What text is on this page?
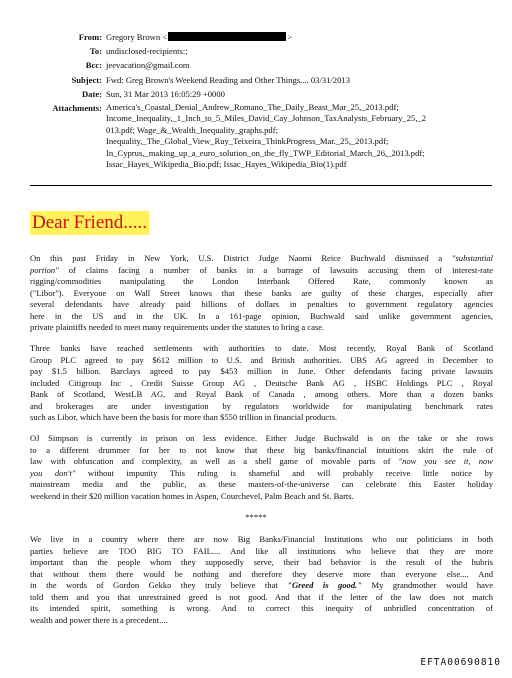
From: Gregory Brown <	>
To: undisclosed-recipients:;
Bcc: jeevacation@gmail.com
Subject: Fwd: Greg Brown's Weekend Reading and Other Things.... 03/31/2013
Date: Sun, 31 Mar 2013 16:05:29 +0000
Attachments: America's_Coastal_Denial_Andrew_Romano_The_Daily_Beast_Mar_25,_2013.pdf;
Income_Inequality,_1_Inch_to_5_Miles_David_Cay_Johnson_TaxAnalysts_February_25,_2
013.pdf; Wage_&_Wealth_Inequality_graphs.pdf;
Inequality,_The_Global_View_Ruy_Teixeira_ThinkProgress_Mar._25,_2013.pdf;
In_Cyprus,_making_up_a_euro_solution_on_the_fly_TWP_Editorial_March_26,_2013.pdf;
Issac_Hayes_Wikipedia_Bio.pdf; Issac_Hayes_Wikipedia_Bio(1).pdf
Dear Friend.....
On this past Friday in New York, U.S. District Judge Naomi Reice Buchwald dismissed a "substantial
portion" of claims facing a number of banks in a barrage of lawsuits accusing them of interest-rate
rigging/commodities manipulating the London Interbank Offered Rate, commonly known as
("Libor"). Everyone on Wall Street knows that these banks are guilty of these charges, especially after
several defendants have already paid billions of dollars in penalties to government regulatory agencies
here in the US and in the UK. In a 161-page opinion, Buchwald said unlike government agencies,
private plaintiffs needed to meet many requirements under the statutes to bring a case.
Three banks have reached settlements with authorities to date. Most recently, Royal Bank of Scotland
Group PLC agreed to pay $612 million to U.S. and British authorities. UBS AG agreed in December to
pay $1.5 billion. Barclays agreed to pay $453 million in June. Other defendants facing private lawsuits
included Citigroup Inc , Credit Suisse Group AG , Deutsche Bank AG , HSBC Holdings PLC , Royal
Bank of Scotland, WestLB AG, and Royal Bank of Canada , among others. More than a dozen banks
and brokerages are under investigation by regulators worldwide for manipulating benchmark rates
such as Libor, which have been the basis for more than $550 trillion in financial products.
OJ Simpson is currently in prison on less evidence. Either Judge Buchwald is on the take or she rows
to a different drummer for her to not know that these big banks/financial intuitions skirt the rule of
law with obfuscation and complexity, as well as a shell game of movable parts of "now you see it, now
you don't" without impunity This ruling is shameful and will probably receive little notice by
mainstream media and the public, as these masters-of-the-universe can celebrate this Easter holiday
weekend in their $20 million vacation homes in Aspen, Courchevel, Palm Beach and St. Barts.
*****
We live in a country where there are now Big Banks/Financial Institutions who our politicians in both
parties believe are TOO BIG TO FAIL.... And like all institutions who believe that they are more
important than the people whom they supposedly serve, their bad behavior is the result of the hubris
that without them there would be nothing and therefore they deserve more than everyone else.... And
in the words of Gordon Gekko they truly believe that "Greed is good." My grandmother would have
told them and you that unrestrained greed is not good. And that if the letter of the law does not match
its intended spirit, something is wrong. And to correct this inequity of unbridled concentration of
wealth and power there is a precedent....
EFTA00690810
